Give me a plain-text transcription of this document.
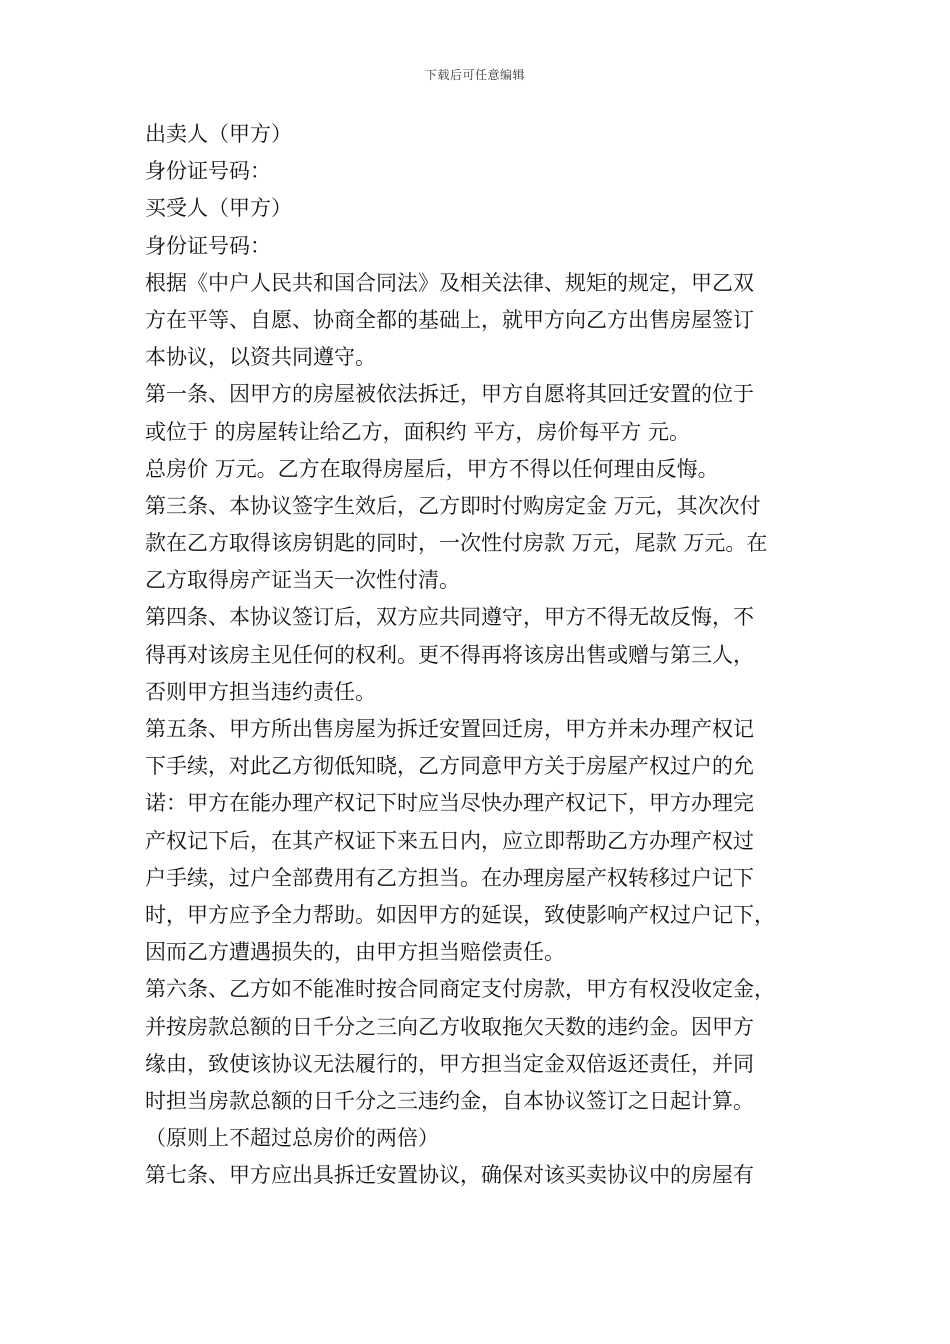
下载后可任意编辑
出卖人（甲方）
身份证号码：
买受人（甲方）
身份证号码：
根据《中户人民共和国合同法》及相关法律、规矩的规定，甲乙双
方在平等、自愿、协商全都的基础上，就甲方向乙方出售房屋签订
本协议，以资共同遵守。
第一条、因甲方的房屋被依法拆迁，甲方自愿将其回迁安置的位于
或位于 的房屋转让给乙方，面积约 平方，房价每平方 元。
总房价 万元。乙方在取得房屋后，甲方不得以任何理由反悔。
第三条、本协议签字生效后，乙方即时付购房定金 万元，其次次付
款在乙方取得该房钥匙的同时，一次性付房款 万元，尾款 万元。在
乙方取得房产证当天一次性付清。
第四条、本协议签订后，双方应共同遵守，甲方不得无故反悔，不
得再对该房主见任何的权利。更不得再将该房出售或赠与第三人，
否则甲方担当违约责任。
第五条、甲方所出售房屋为拆迁安置回迁房，甲方并未办理产权记
下手续，对此乙方彻低知晓，乙方同意甲方关于房屋产权过户的允
诺：甲方在能办理产权记下时应当尽快办理产权记下，甲方办理完
产权记下后，在其产权证下来五日内，应立即帮助乙方办理产权过
户手续，过户全部费用有乙方担当。在办理房屋产权转移过户记下
时，甲方应予全力帮助。如因甲方的延误，致使影响产权过户记下，
因而乙方遭遇损失的，由甲方担当赔偿责任。
第六条、乙方如不能准时按合同商定支付房款，甲方有权没收定金，
并按房款总额的日千分之三向乙方收取拖欠天数的违约金。因甲方
缘由，致使该协议无法履行的，甲方担当定金双倍返还责任，并同
时担当房款总额的日千分之三违约金，自本协议签订之日起计算。
（原则上不超过总房价的两倍）
第七条、甲方应出具拆迁安置协议，确保对该买卖协议中的房屋有
